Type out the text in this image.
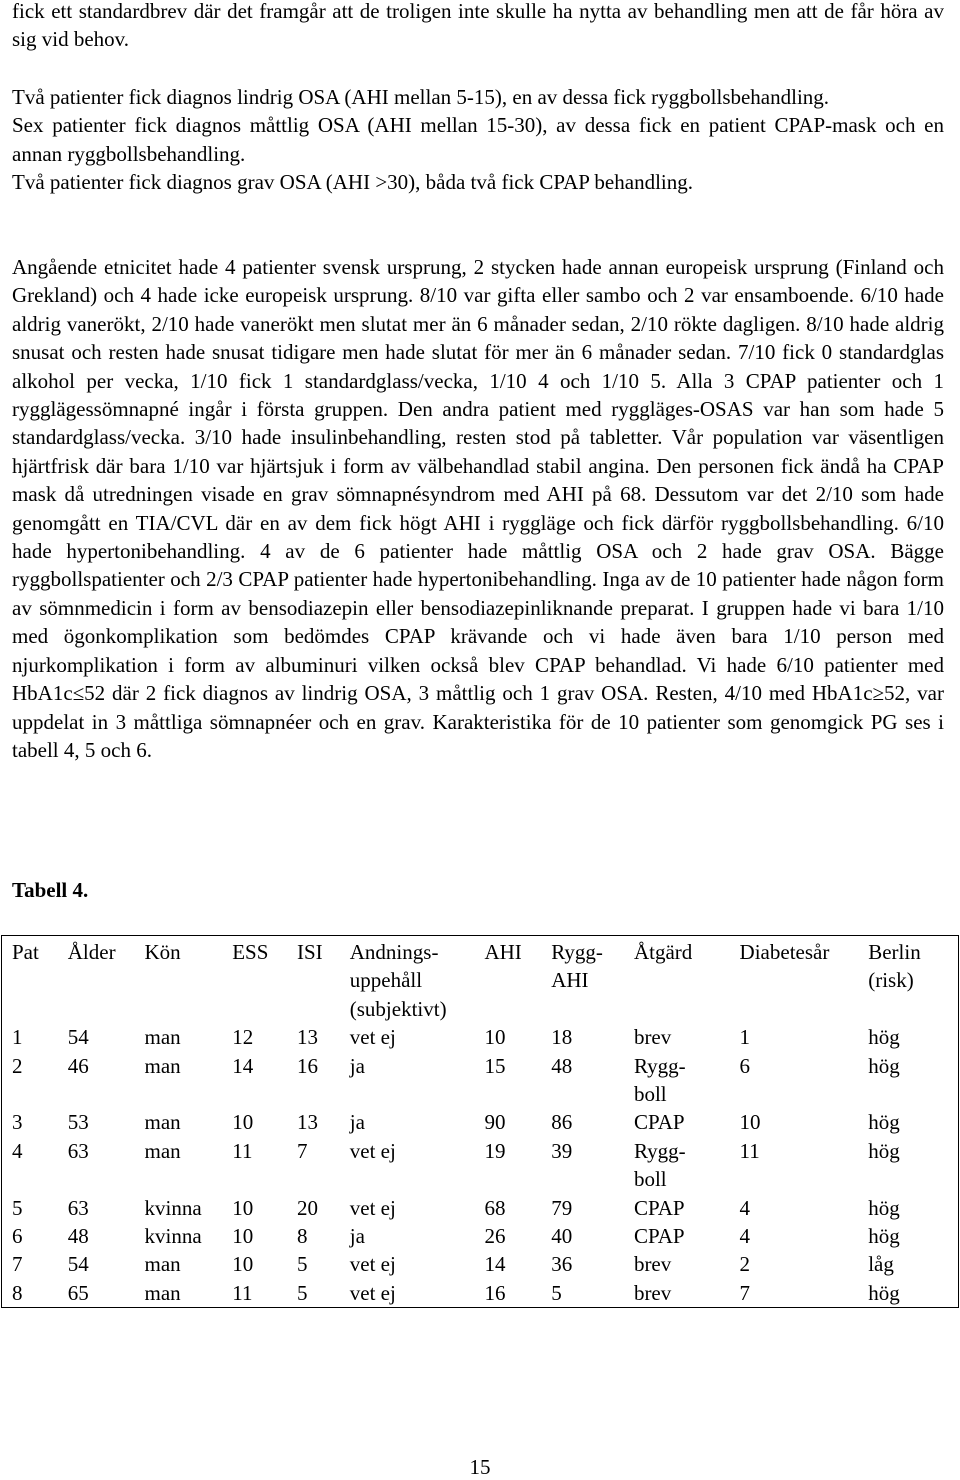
fick ett standardbrev där det framgår att de troligen inte skulle ha nytta av behandling men att de får höra av sig vid behov.

Två patienter fick diagnos lindrig OSA (AHI mellan 5-15), en av dessa fick ryggbollsbehandling.
Sex patienter fick diagnos måttlig OSA (AHI mellan 15-30), av dessa fick en patient CPAP-mask och en annan ryggbollsbehandling.
Två patienter fick diagnos grav OSA (AHI >30), båda två fick CPAP behandling.

Angående etnicitet hade 4 patienter svensk ursprung, 2 stycken hade annan europeisk ursprung (Finland och Grekland) och 4 hade icke europeisk ursprung. 8/10 var gifta eller sambo och 2 var ensamboende. 6/10 hade aldrig vanerökt, 2/10 hade vanerökt men slutat mer än 6 månader sedan, 2/10 rökte dagligen. 8/10 hade aldrig snusat och resten hade snusat tidigare men hade slutat för mer än 6 månader sedan. 7/10 fick 0 standardglas alkohol per vecka, 1/10 fick 1 standardglass/vecka, 1/10 4 och 1/10 5. Alla 3 CPAP patienter och 1 rygglägessömnapné ingår i första gruppen. Den andra patient med ryggläges-OSAS var han som hade 5 standardglass/vecka. 3/10 hade insulinbehandling, resten stod på tabletter. Vår population var väsentligen hjärtfrisk där bara 1/10 var hjärtsjuk i form av välbehandlad stabil angina. Den personen fick ändå ha CPAP mask då utredningen visade en grav sömnapnésyndrom med AHI på 68. Dessutom var det 2/10 som hade genomgått en TIA/CVL där en av dem fick högt AHI i ryggläge och fick därför ryggbollsbehandling. 6/10 hade hypertonibehandling. 4 av de 6 patienter hade måttlig OSA och 2 hade grav OSA. Bägge ryggbollspatienter och 2/3 CPAP patienter hade hypertonibehandling. Inga av de 10 patienter hade någon form av sömnmedicin i form av bensodiazepin eller bensodiazepinliknande preparat. I gruppen hade vi bara 1/10 med ögonkomplikation som bedömdes CPAP krävande och vi hade även bara 1/10 person med njurkomplikation i form av albuminuri vilken också blev CPAP behandlad. Vi hade 6/10 patienter med HbA1c≤52 där 2 fick diagnos av lindrig OSA, 3 måttlig och 1 grav OSA. Resten, 4/10 med HbA1c≥52, var uppdelat in 3 måttliga sömnapnéer och en grav. Karakteristika för de 10 patienter som genomgick PG ses i tabell 4, 5 och 6.

Tabell 4.
Pat	Ålder	Kön	ESS	ISI	Andnings-
uppehåll
(subjektivt)	AHI	Rygg-
AHI	Åtgärd	Diabetesår	Berlin
(risk)
1	54	man	12	13	vet ej	10	18	brev	1	hög
2	46	man	14	16	ja	15	48	Rygg-
boll	6	hög
3	53	man	10	13	ja	90	86	CPAP	10	hög
4	63	man	11	7	vet ej	19	39	Rygg-
boll	11	hög
5	63	kvinna	10	20	vet ej	68	79	CPAP	4	hög
6	48	kvinna	10	8	ja	26	40	CPAP	4	hög
7	54	man	10	5	vet ej	14	36	brev	2	låg
8	65	man	11	5	vet ej	16	5	brev	7	hög
15
